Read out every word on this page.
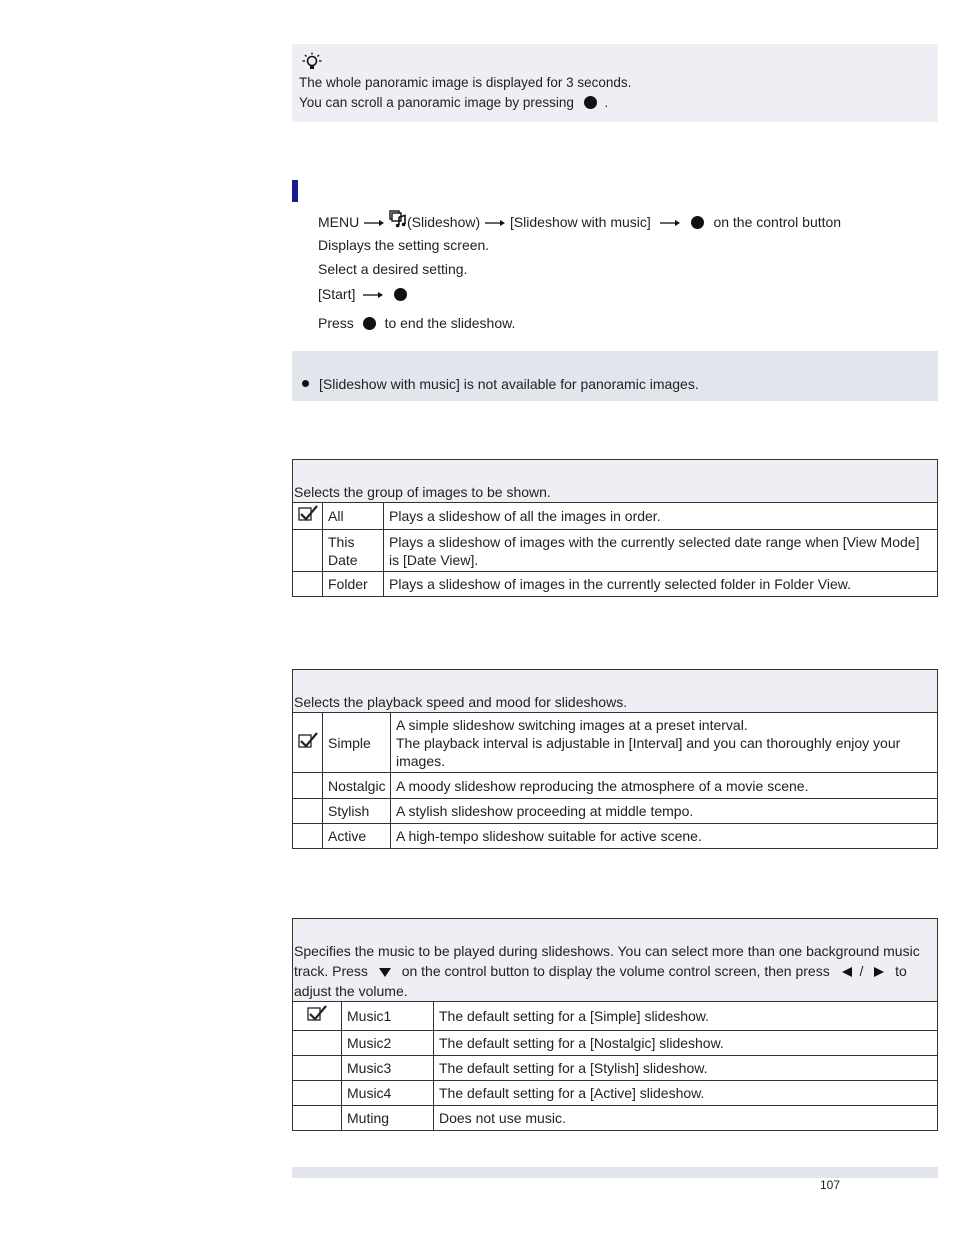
The whole panoramic image is displayed for 3 seconds.
You can scroll a panoramic image by pressing .
MENU	(Slideshow) [Slideshow with music]	on the control button
Displays the setting screen.
Select a desired setting.
[Start]
Press to end the slideshow.
[Slideshow with music] is not available for panoramic images.
Selects the group of images to be shown.		
	All	Plays a slideshow of all the images in order.
	This Date	Plays a slideshow of images with the currently selected date range when [View Mode] is [Date View].
	Folder	Plays a slideshow of images in the currently selected folder in Folder View.
Selects the playback speed and mood for slideshows.		
	Simple	A simple slideshow switching images at a preset interval.
The playback interval is adjustable in [Interval] and you can thoroughly enjoy your images.

	Nostalgic	A moody slideshow reproducing the atmosphere of a movie scene.
	Stylish	A stylish slideshow proceeding at middle tempo.
	Active	A high-tempo slideshow suitable for active scene.
Specifies the music to be played during slideshows. You can select more than one background music track. Press on the control button to display the volume control screen, then press / to adjust the volume.		
	Music1	The default setting for a [Simple] slideshow.
	Music2	The default setting for a [Nostalgic] slideshow.
	Music3	The default setting for a [Stylish] slideshow.
	Music4	The default setting for a [Active] slideshow.
	Muting	Does not use music.
107
